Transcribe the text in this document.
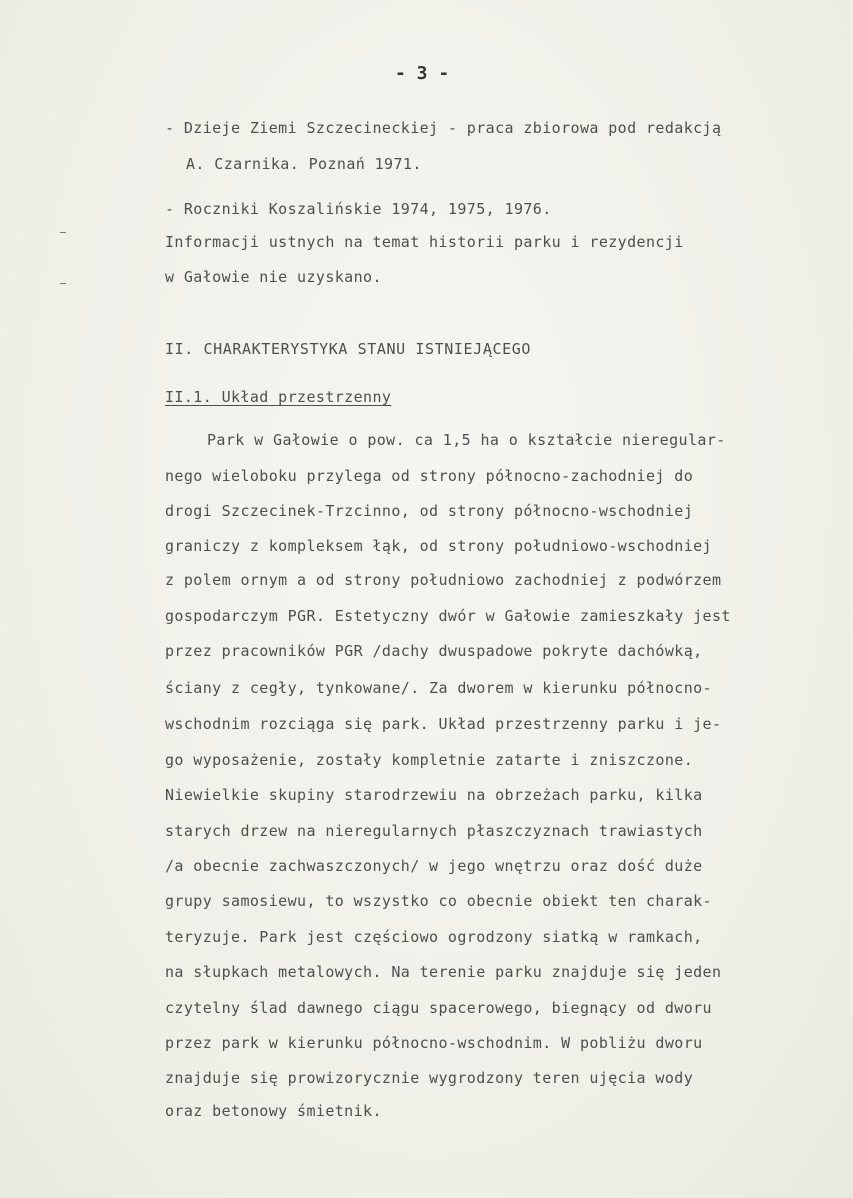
- 3 -
- Dzieje Ziemi Szczecineckiej - praca zbiorowa pod redakcją
A. Czarnika. Poznań 1971.
- Roczniki Koszalińskie 1974, 1975, 1976.
Informacji ustnych na temat historii parku i rezydencji
w Gałowie nie uzyskano.
II. CHARAKTERYSTYKA STANU ISTNIEJĄCEGO
II.1. Układ przestrzenny
Park w Gałowie o pow. ca 1,5 ha o kształcie nieregular-
nego wieloboku przylega od strony północno-zachodniej do
drogi Szczecinek-Trzcinno, od strony północno-wschodniej
graniczy z kompleksem łąk, od strony południowo-wschodniej
z polem ornym a od strony południowo zachodniej z podwórzem
gospodarczym PGR. Estetyczny dwór w Gałowie zamieszkały jest
przez pracowników PGR /dachy dwuspadowe pokryte dachówką,
ściany z cegły, tynkowane/. Za dworem w kierunku północno-
wschodnim rozciąga się park. Układ przestrzenny parku i je-
go wyposażenie, zostały kompletnie zatarte i zniszczone.
Niewielkie skupiny starodrzewiu na obrzeżach parku, kilka
starych drzew na nieregularnych płaszczyznach trawiastych
/a obecnie zachwaszczonych/ w jego wnętrzu oraz dość duże
grupy samosiewu, to wszystko co obecnie obiekt ten charak-
teryzuje. Park jest częściowo ogrodzony siatką w ramkach,
na słupkach metalowych. Na terenie parku znajduje się jeden
czytelny ślad dawnego ciągu spacerowego, biegnący od dworu
przez park w kierunku północno-wschodnim. W pobliżu dworu
znajduje się prowizorycznie wygrodzony teren ujęcia wody
oraz betonowy śmietnik.
